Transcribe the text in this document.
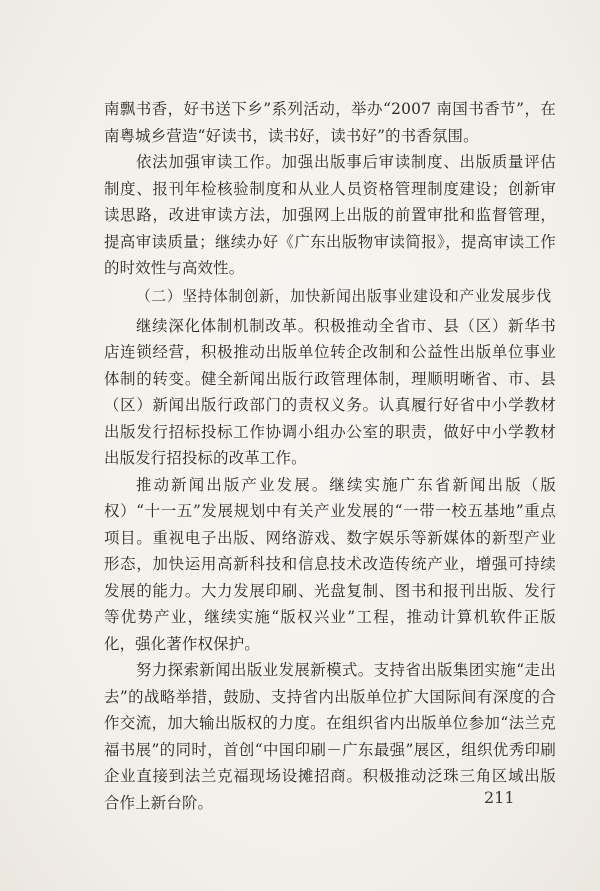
南飘书香，好书送下乡”系列活动，举办“2007 南国书香节”，在南粤城乡营造“好读书，读书好，读书好”的书香氛围。

依法加强审读工作。加强出版事后审读制度、出版质量评估制度、报刊年检核验制度和从业人员资格管理制度建设；创新审读思路，改进审读方法，加强网上出版的前置审批和监督管理，提高审读质量；继续办好《广东出版物审读简报》，提高审读工作的时效性与高效性。

（二）坚持体制创新，加快新闻出版事业建设和产业发展步伐

继续深化体制机制改革。积极推动全省市、县（区）新华书店连锁经营，积极推动出版单位转企改制和公益性出版单位事业体制的转变。健全新闻出版行政管理体制，理顺明晰省、市、县（区）新闻出版行政部门的责权义务。认真履行好省中小学教材出版发行招标投标工作协调小组办公室的职责，做好中小学教材出版发行招投标的改革工作。

推动新闻出版产业发展。继续实施广东省新闻出版（版权）“十一五”发展规划中有关产业发展的“一带一校五基地”重点项目。重视电子出版、网络游戏、数字娱乐等新媒体的新型产业形态，加快运用高新科技和信息技术改造传统产业，增强可持续发展的能力。大力发展印刷、光盘复制、图书和报刊出版、发行等优势产业，继续实施“版权兴业”工程，推动计算机软件正版化，强化著作权保护。

努力探索新闻出版业发展新模式。支持省出版集团实施“走出去”的战略举措，鼓励、支持省内出版单位扩大国际间有深度的合作交流，加大输出版权的力度。在组织省内出版单位参加“法兰克福书展”的同时，首创“中国印刷－广东最强”展区，组织优秀印刷企业直接到法兰克福现场设摊招商。积极推动泛珠三角区域出版合作上新台阶。	211
